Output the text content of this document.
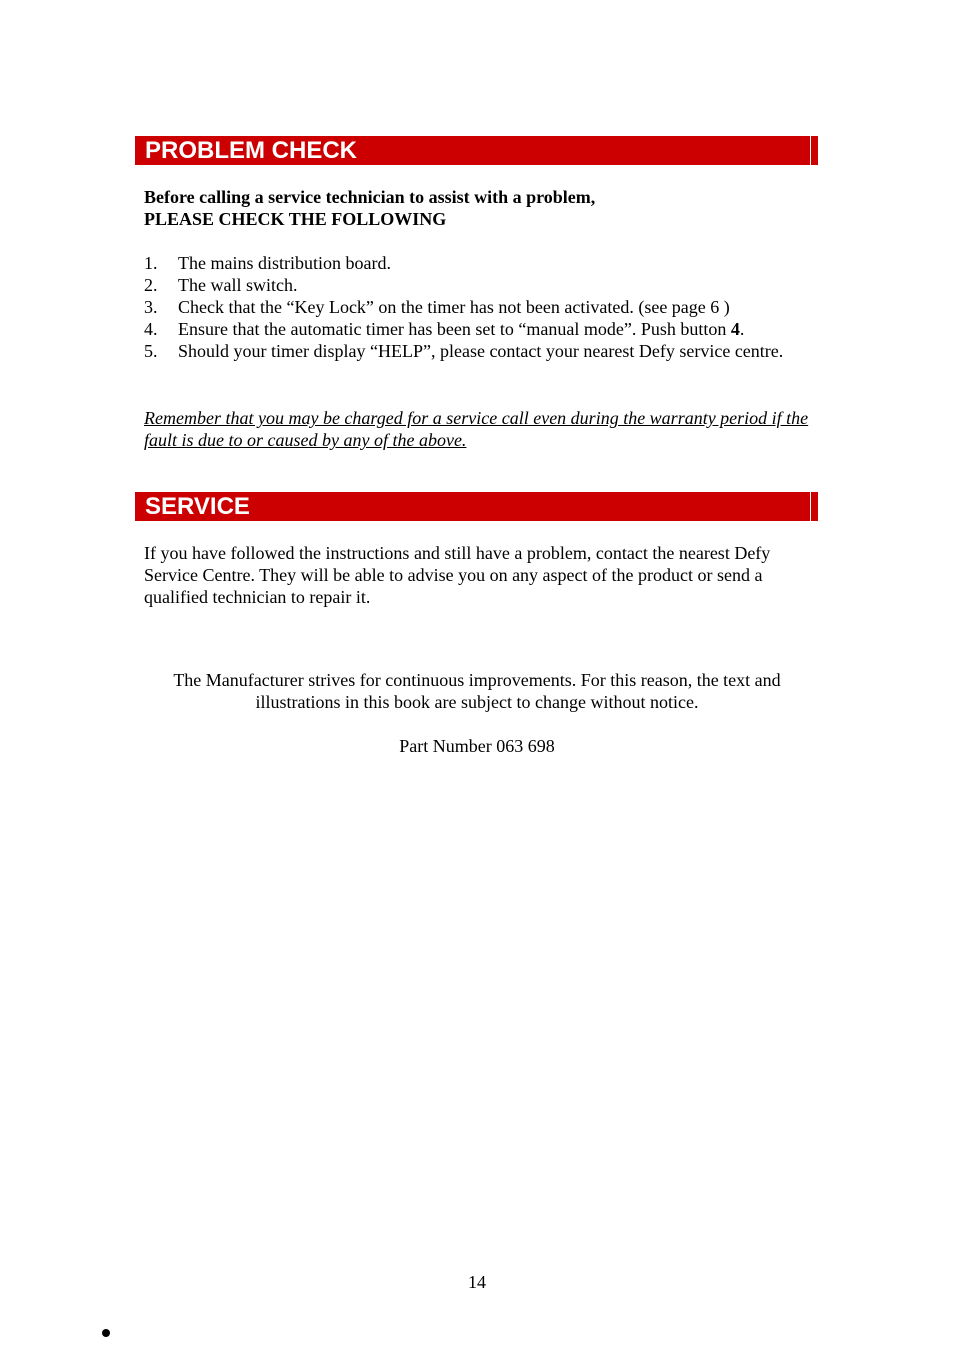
PROBLEM CHECK
Before calling a service technician to assist with a problem,
PLEASE CHECK THE FOLLOWING
1. The mains distribution board.
2. The wall switch.
3. Check that the “Key Lock” on the timer has not been activated. (see page 6 )
4. Ensure that the automatic timer has been set to “manual mode”. Push button 4.
5. Should your timer display “HELP”, please contact your nearest Defy service centre.
Remember that you may be charged for a service call even during the warranty period if the fault is due to or caused by any of the above.
SERVICE
If you have followed the instructions and still have a problem, contact the nearest Defy Service Centre. They will be able to advise you on any aspect of the product or send a qualified technician to repair it.
The Manufacturer strives for continuous improvements. For this reason, the text and illustrations in this book are subject to change without notice.
Part Number 063 698
14
